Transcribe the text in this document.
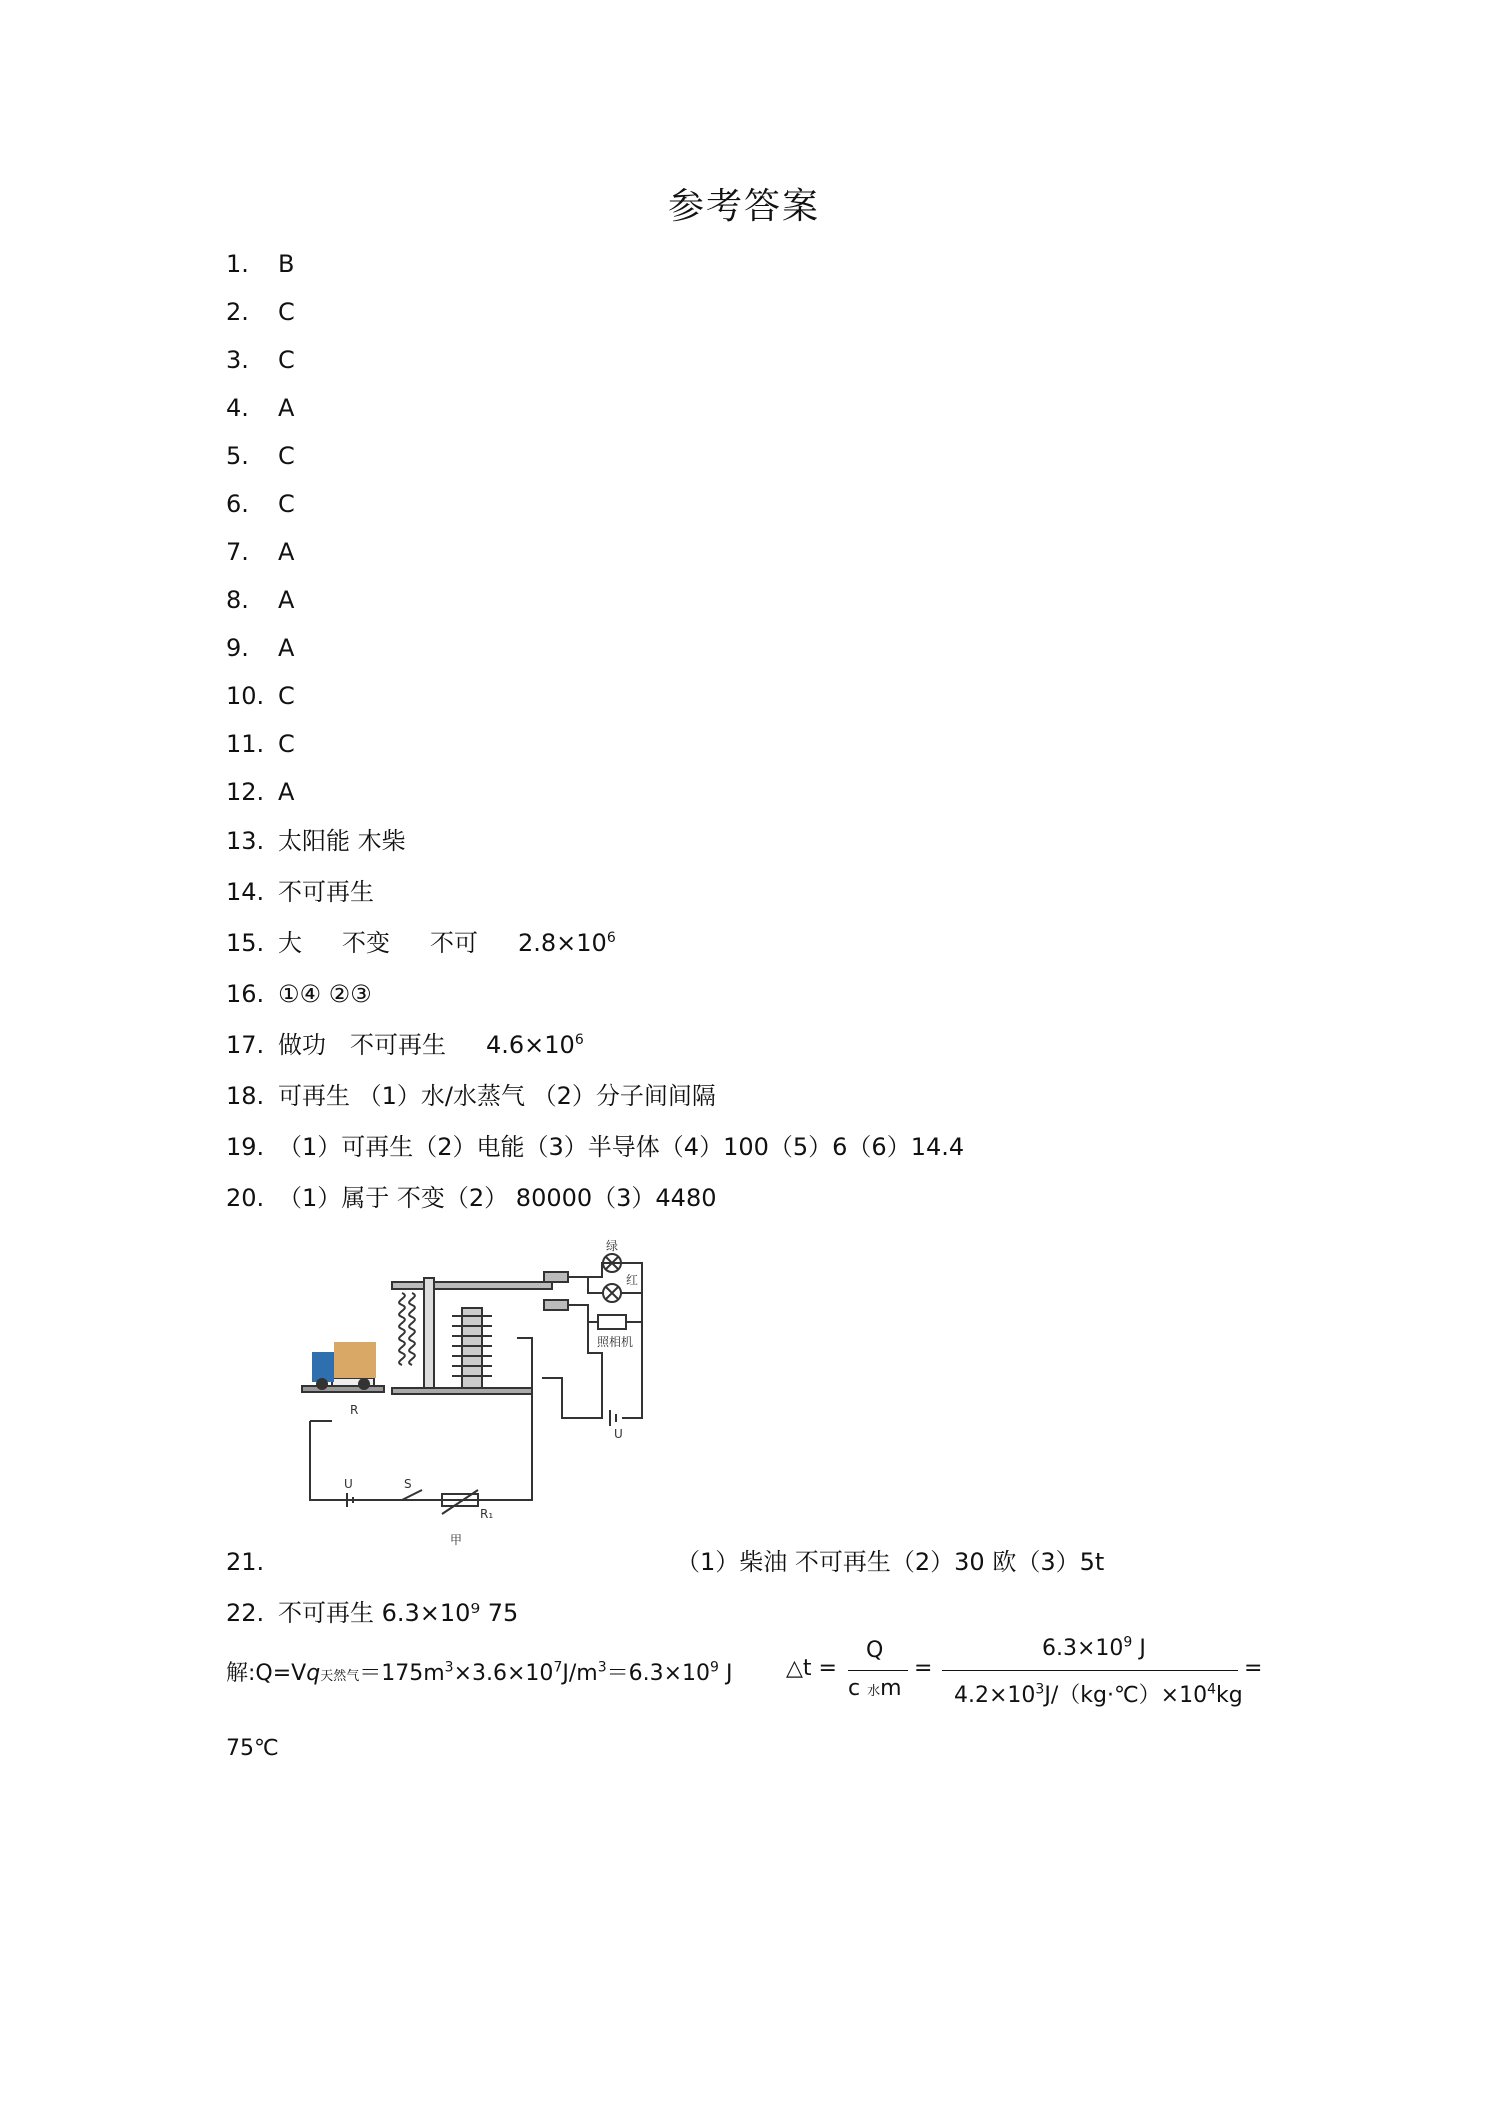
参考答案
1. B
2. C
3. C
4. A
5. C
6. C
7. A
8. A
9. A
10. C
11. C
12. A
13. 太阳能 木柴
14. 不可再生
15. 大 不变 不可 $2.8\times 10^6$
16. ①④ ②③
17. 做功 不可再生 $4.6\times 10^6$
18. 可再生 （1）水/水蒸气 （2）分子间间隔
19. （1）可再生（2）电能（3）半导体（4）100（5）6（6）14.4
20. （1）属于 不变（2） 80000（3）4480
绿
红
照相机
U
R
U	S
R₁
甲
21.	（1）柴油 不可再生（2）30 欧（3）5t
22. 不可再生 6.3×10⁹ 75
解:Q=Vq天然气$=175m^3\times 3.6\times 10^7J/m^3=6.3\times 10^9$ J △t =
Q
c 水m
=
$6.3\times 10^9$ J
$4.2\times 10^3J/(kg\cdot℃)\times 10^4kg$
=
75℃
